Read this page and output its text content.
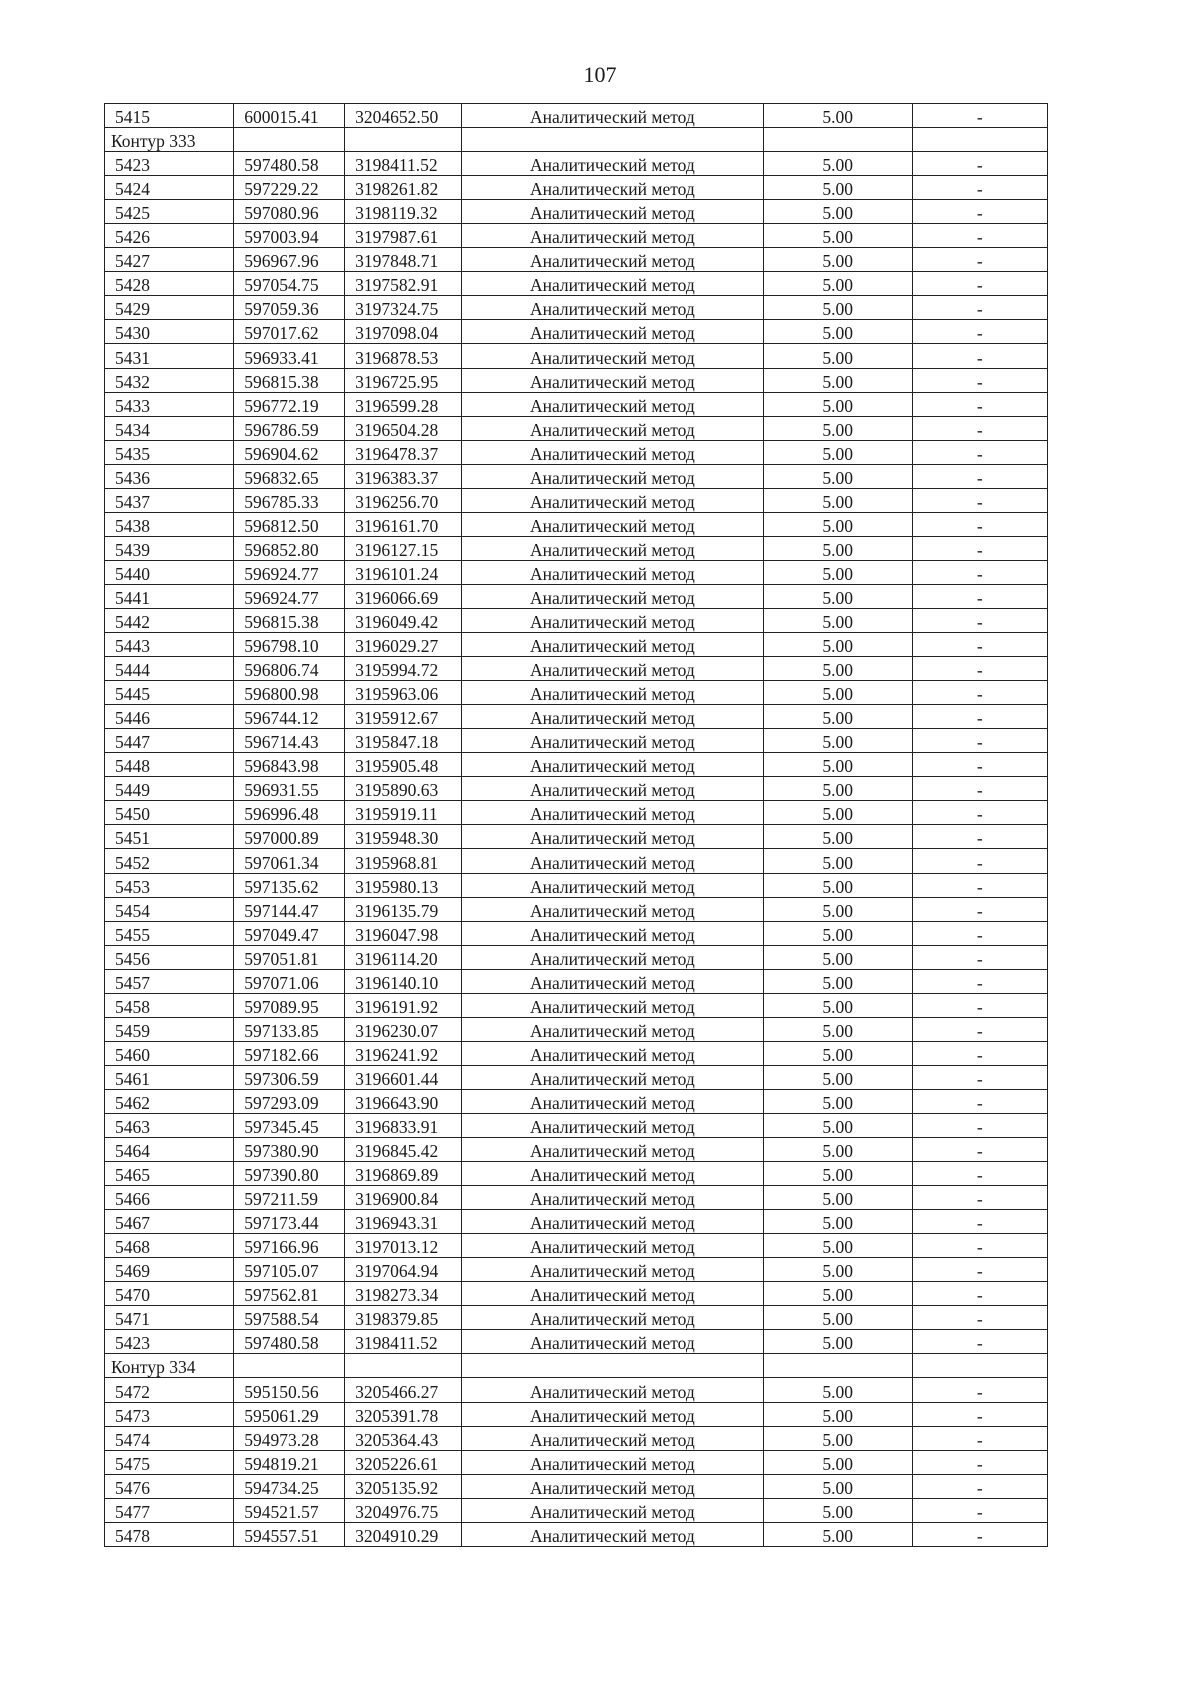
107
5415	600015.41	3204652.50	Аналитический метод	5.00	-
Контур 333					
5423	597480.58	3198411.52	Аналитический метод	5.00	-
5424	597229.22	3198261.82	Аналитический метод	5.00	-
5425	597080.96	3198119.32	Аналитический метод	5.00	-
5426	597003.94	3197987.61	Аналитический метод	5.00	-
5427	596967.96	3197848.71	Аналитический метод	5.00	-
5428	597054.75	3197582.91	Аналитический метод	5.00	-
5429	597059.36	3197324.75	Аналитический метод	5.00	-
5430	597017.62	3197098.04	Аналитический метод	5.00	-
5431	596933.41	3196878.53	Аналитический метод	5.00	-
5432	596815.38	3196725.95	Аналитический метод	5.00	-
5433	596772.19	3196599.28	Аналитический метод	5.00	-
5434	596786.59	3196504.28	Аналитический метод	5.00	-
5435	596904.62	3196478.37	Аналитический метод	5.00	-
5436	596832.65	3196383.37	Аналитический метод	5.00	-
5437	596785.33	3196256.70	Аналитический метод	5.00	-
5438	596812.50	3196161.70	Аналитический метод	5.00	-
5439	596852.80	3196127.15	Аналитический метод	5.00	-
5440	596924.77	3196101.24	Аналитический метод	5.00	-
5441	596924.77	3196066.69	Аналитический метод	5.00	-
5442	596815.38	3196049.42	Аналитический метод	5.00	-
5443	596798.10	3196029.27	Аналитический метод	5.00	-
5444	596806.74	3195994.72	Аналитический метод	5.00	-
5445	596800.98	3195963.06	Аналитический метод	5.00	-
5446	596744.12	3195912.67	Аналитический метод	5.00	-
5447	596714.43	3195847.18	Аналитический метод	5.00	-
5448	596843.98	3195905.48	Аналитический метод	5.00	-
5449	596931.55	3195890.63	Аналитический метод	5.00	-
5450	596996.48	3195919.11	Аналитический метод	5.00	-
5451	597000.89	3195948.30	Аналитический метод	5.00	-
5452	597061.34	3195968.81	Аналитический метод	5.00	-
5453	597135.62	3195980.13	Аналитический метод	5.00	-
5454	597144.47	3196135.79	Аналитический метод	5.00	-
5455	597049.47	3196047.98	Аналитический метод	5.00	-
5456	597051.81	3196114.20	Аналитический метод	5.00	-
5457	597071.06	3196140.10	Аналитический метод	5.00	-
5458	597089.95	3196191.92	Аналитический метод	5.00	-
5459	597133.85	3196230.07	Аналитический метод	5.00	-
5460	597182.66	3196241.92	Аналитический метод	5.00	-
5461	597306.59	3196601.44	Аналитический метод	5.00	-
5462	597293.09	3196643.90	Аналитический метод	5.00	-
5463	597345.45	3196833.91	Аналитический метод	5.00	-
5464	597380.90	3196845.42	Аналитический метод	5.00	-
5465	597390.80	3196869.89	Аналитический метод	5.00	-
5466	597211.59	3196900.84	Аналитический метод	5.00	-
5467	597173.44	3196943.31	Аналитический метод	5.00	-
5468	597166.96	3197013.12	Аналитический метод	5.00	-
5469	597105.07	3197064.94	Аналитический метод	5.00	-
5470	597562.81	3198273.34	Аналитический метод	5.00	-
5471	597588.54	3198379.85	Аналитический метод	5.00	-
5423	597480.58	3198411.52	Аналитический метод	5.00	-
Контур 334					
5472	595150.56	3205466.27	Аналитический метод	5.00	-
5473	595061.29	3205391.78	Аналитический метод	5.00	-
5474	594973.28	3205364.43	Аналитический метод	5.00	-
5475	594819.21	3205226.61	Аналитический метод	5.00	-
5476	594734.25	3205135.92	Аналитический метод	5.00	-
5477	594521.57	3204976.75	Аналитический метод	5.00	-
5478	594557.51	3204910.29	Аналитический метод	5.00	-
